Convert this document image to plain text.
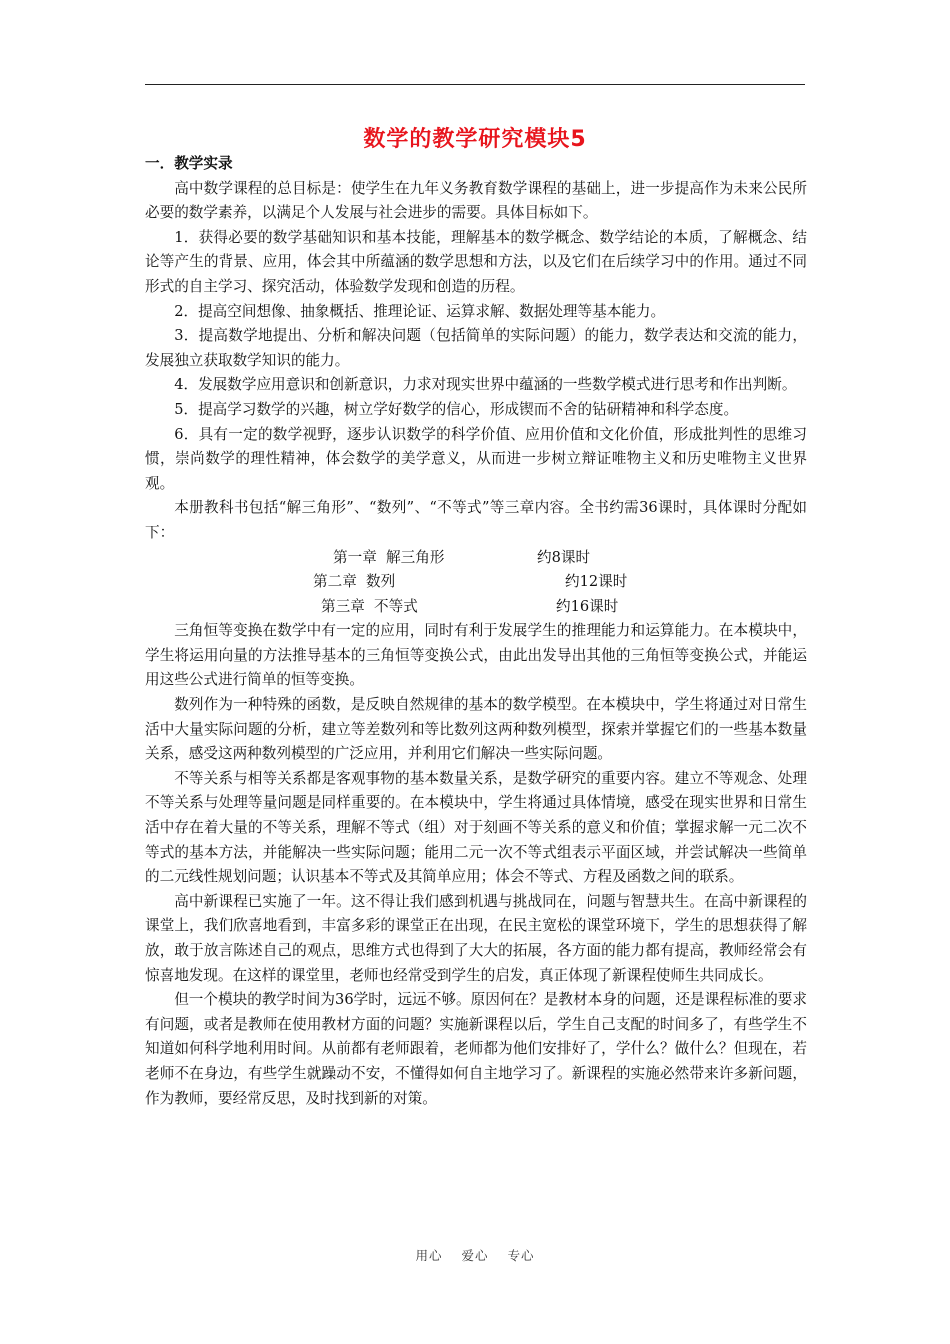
数学的教学研究模块5

一．教学实录

高中数学课程的总目标是：使学生在九年义务教育数学课程的基础上，进一步提高作为未来公民所必要的数学素养，以满足个人发展与社会进步的需要。具体目标如下。

1．获得必要的数学基础知识和基本技能，理解基本的数学概念、数学结论的本质，了解概念、结论等产生的背景、应用，体会其中所蕴涵的数学思想和方法，以及它们在后续学习中的作用。通过不同形式的自主学习、探究活动，体验数学发现和创造的历程。

2．提高空间想像、抽象概括、推理论证、运算求解、数据处理等基本能力。

3．提高数学地提出、分析和解决问题（包括简单的实际问题）的能力，数学表达和交流的能力，发展独立获取数学知识的能力。

4．发展数学应用意识和创新意识，力求对现实世界中蕴涵的一些数学模式进行思考和作出判断。

5．提高学习数学的兴趣，树立学好数学的信心，形成锲而不舍的钻研精神和科学态度。

6．具有一定的数学视野，逐步认识数学的科学价值、应用价值和文化价值，形成批判性的思维习惯，崇尚数学的理性精神，体会数学的美学意义，从而进一步树立辩证唯物主义和历史唯物主义世界观。

本册教科书包括“解三角形”、“数列”、“不等式”等三章内容。全书约需36课时，具体课时分配如下：

第一章  解三角形	约8课时
第二章  数列	约12课时
第三章  不等式	约16课时

三角恒等变换在数学中有一定的应用，同时有利于发展学生的推理能力和运算能力。在本模块中，学生将运用向量的方法推导基本的三角恒等变换公式，由此出发导出其他的三角恒等变换公式，并能运用这些公式进行简单的恒等变换。

数列作为一种特殊的函数，是反映自然规律的基本的数学模型。在本模块中，学生将通过对日常生活中大量实际问题的分析，建立等差数列和等比数列这两种数列模型，探索并掌握它们的一些基本数量关系，感受这两种数列模型的广泛应用，并利用它们解决一些实际问题。

不等关系与相等关系都是客观事物的基本数量关系，是数学研究的重要内容。建立不等观念、处理不等关系与处理等量问题是同样重要的。在本模块中，学生将通过具体情境，感受在现实世界和日常生活中存在着大量的不等关系，理解不等式（组）对于刻画不等关系的意义和价值；掌握求解一元二次不等式的基本方法，并能解决一些实际问题；能用二元一次不等式组表示平面区域，并尝试解决一些简单的二元线性规划问题；认识基本不等式及其简单应用；体会不等式、方程及函数之间的联系。

高中新课程已实施了一年。这不得让我们感到机遇与挑战同在，问题与智慧共生。在高中新课程的课堂上，我们欣喜地看到，丰富多彩的课堂正在出现，在民主宽松的课堂环境下，学生的思想获得了解放，敢于放言陈述自己的观点，思维方式也得到了大大的拓展，各方面的能力都有提高，教师经常会有惊喜地发现。在这样的课堂里，老师也经常受到学生的启发，真正体现了新课程使师生共同成长。

但一个模块的教学时间为36学时，远远不够。原因何在？是教材本身的问题，还是课程标准的要求有问题，或者是教师在使用教材方面的问题？实施新课程以后，学生自己支配的时间多了，有些学生不知道如何科学地利用时间。从前都有老师跟着，老师都为他们安排好了，学什么？做什么？但现在，若老师不在身边，有些学生就躁动不安，不懂得如何自主地学习了。新课程的实施必然带来许多新问题，作为教师，要经常反思，及时找到新的对策。

用心 爱心 专心
